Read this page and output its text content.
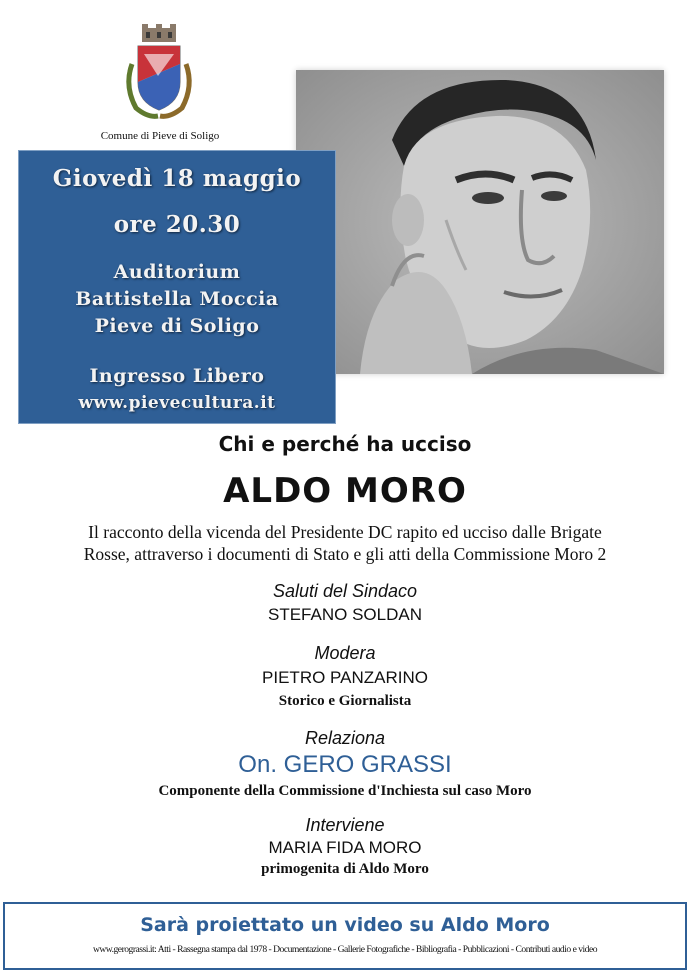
Comune di Pieve di Soligo
Giovedì 18 maggio
ore 20.30
Auditorium
Battistella Moccia
Pieve di Soligo
Ingresso Libero
www.pievecultura.it
Chi e perché ha ucciso
ALDO MORO
Il racconto della vicenda del Presidente DC rapito ed ucciso dalle Brigate
Rosse, attraverso i documenti di Stato e gli atti della Commissione Moro 2
Saluti del Sindaco
STEFANO SOLDAN
Modera
PIETRO PANZARINO
Storico e Giornalista
Relaziona
On. GERO GRASSI
Componente della Commissione d'Inchiesta sul caso Moro
Interviene
MARIA FIDA MORO
primogenita di Aldo Moro
Sarà proiettato un video su Aldo Moro
www.gerograssi.it: Atti - Rassegna stampa dal 1978 - Documentazione - Gallerie Fotografiche - Bibliografia - Pubblicazioni - Contributi audio e video
